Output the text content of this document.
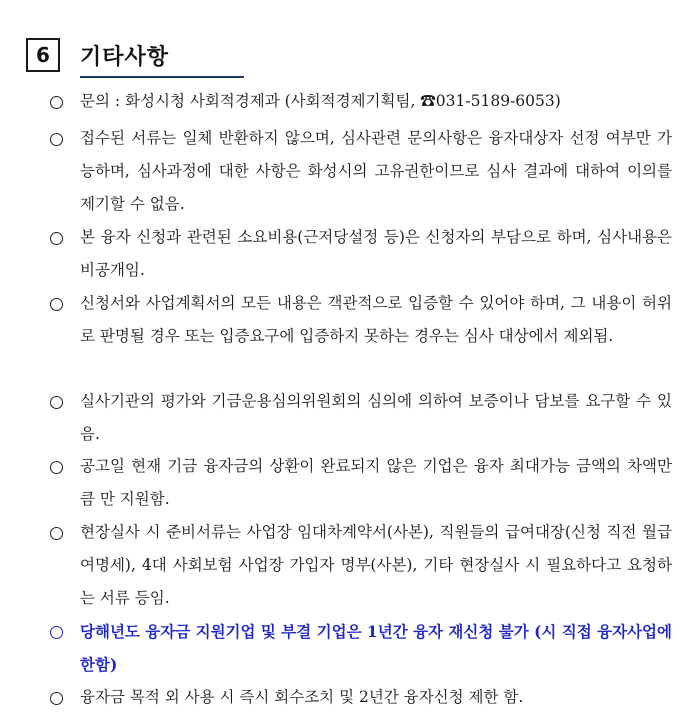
6	기타사항
문의 : 화성시청 사회적경제과 (사회적경제기획팀, ☎031-5189-6053)
접수된 서류는 일체 반환하지 않으며, 심사관련 문의사항은 융자대상자 선정 여부만 가능하며, 심사과정에 대한 사항은 화성시의 고유권한이므로 심사 결과에 대하여 이의를 제기할 수 없음.
본 융자 신청과 관련된 소요비용(근저당설정 등)은 신청자의 부담으로 하며, 심사내용은 비공개임.
신청서와 사업계획서의 모든 내용은 객관적으로 입증할 수 있어야 하며, 그 내용이 허위로 판명될 경우 또는 입증요구에 입증하지 못하는 경우는 심사 대상에서 제외됨.
실사기관의 평가와 기금운용심의위원회의 심의에 의하여 보증이나 담보를 요구할 수 있음.
공고일 현재 기금 융자금의 상환이 완료되지 않은 기업은 융자 최대가능 금액의 차액만큼 만 지원함.
현장실사 시 준비서류는 사업장 임대차계약서(사본), 직원들의 급여대장(신청 직전 월급여명세), 4대 사회보험 사업장 가입자 명부(사본), 기타 현장실사 시 필요하다고 요청하는 서류 등임.
당해년도 융자금 지원기업 및 부결 기업은 1년간 융자 재신청 불가 (시 직접 융자사업에 한함)
융자금 목적 외 사용 시 즉시 회수조치 및 2년간 융자신청 제한 함.
